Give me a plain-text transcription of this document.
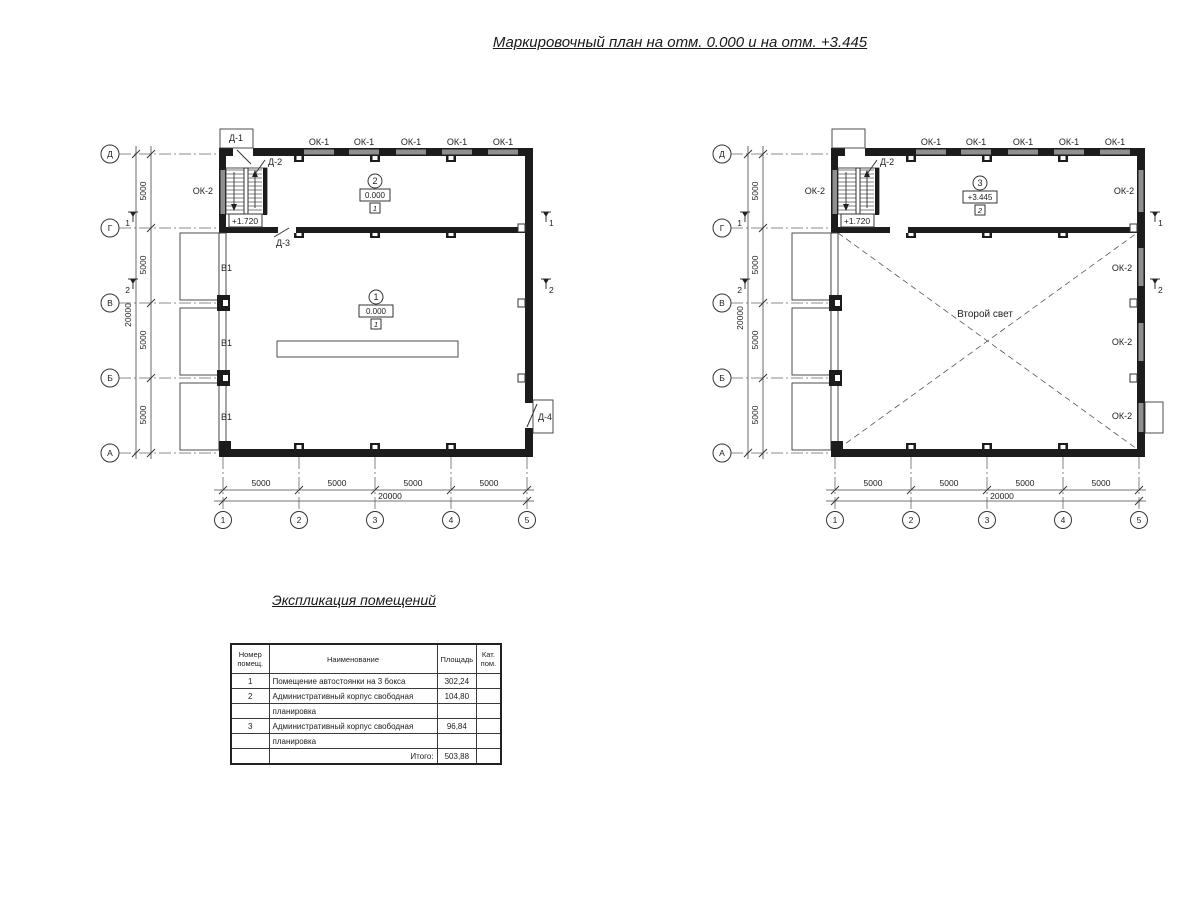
Маркировочный план на отм. 0.000 и на отм. +3.445
Экспликация помещений
5000
5000
5000
5000
20000
5000	5000	5000	5000
20000
Д
Г
В
Б
А
1	2	3	4	5
Д-1
+1.720
2
0.000
1
1
0.000
1
ОК-1	ОК-1	ОК-1	ОК-1	ОК-1
ОК-2
Д-2
Д-3
Д-4
В1
В1
В1
1
2
1
2
5000
5000
5000
5000
20000
5000	5000	5000	5000
20000
Д
Г
В
Б
А
1	2	3	4	5
Второй свет
+1.720
3
+3.445
2
ОК-1	ОК-1	ОК-1	ОК-1	ОК-1
ОК-2	ОК-2
ОК-2
ОК-2
ОК-2
Д-2
1
2
1
2
Номер помещ.	Наименование	Площадь	Кат. пом.
1	Помещение автостоянки на 3 бокса	302,24	
2	Административный корпус свободная	104,80	
	планировка		
3	Административный корпус свободная	96,84	
	планировка		
	Итого:	503,88	
